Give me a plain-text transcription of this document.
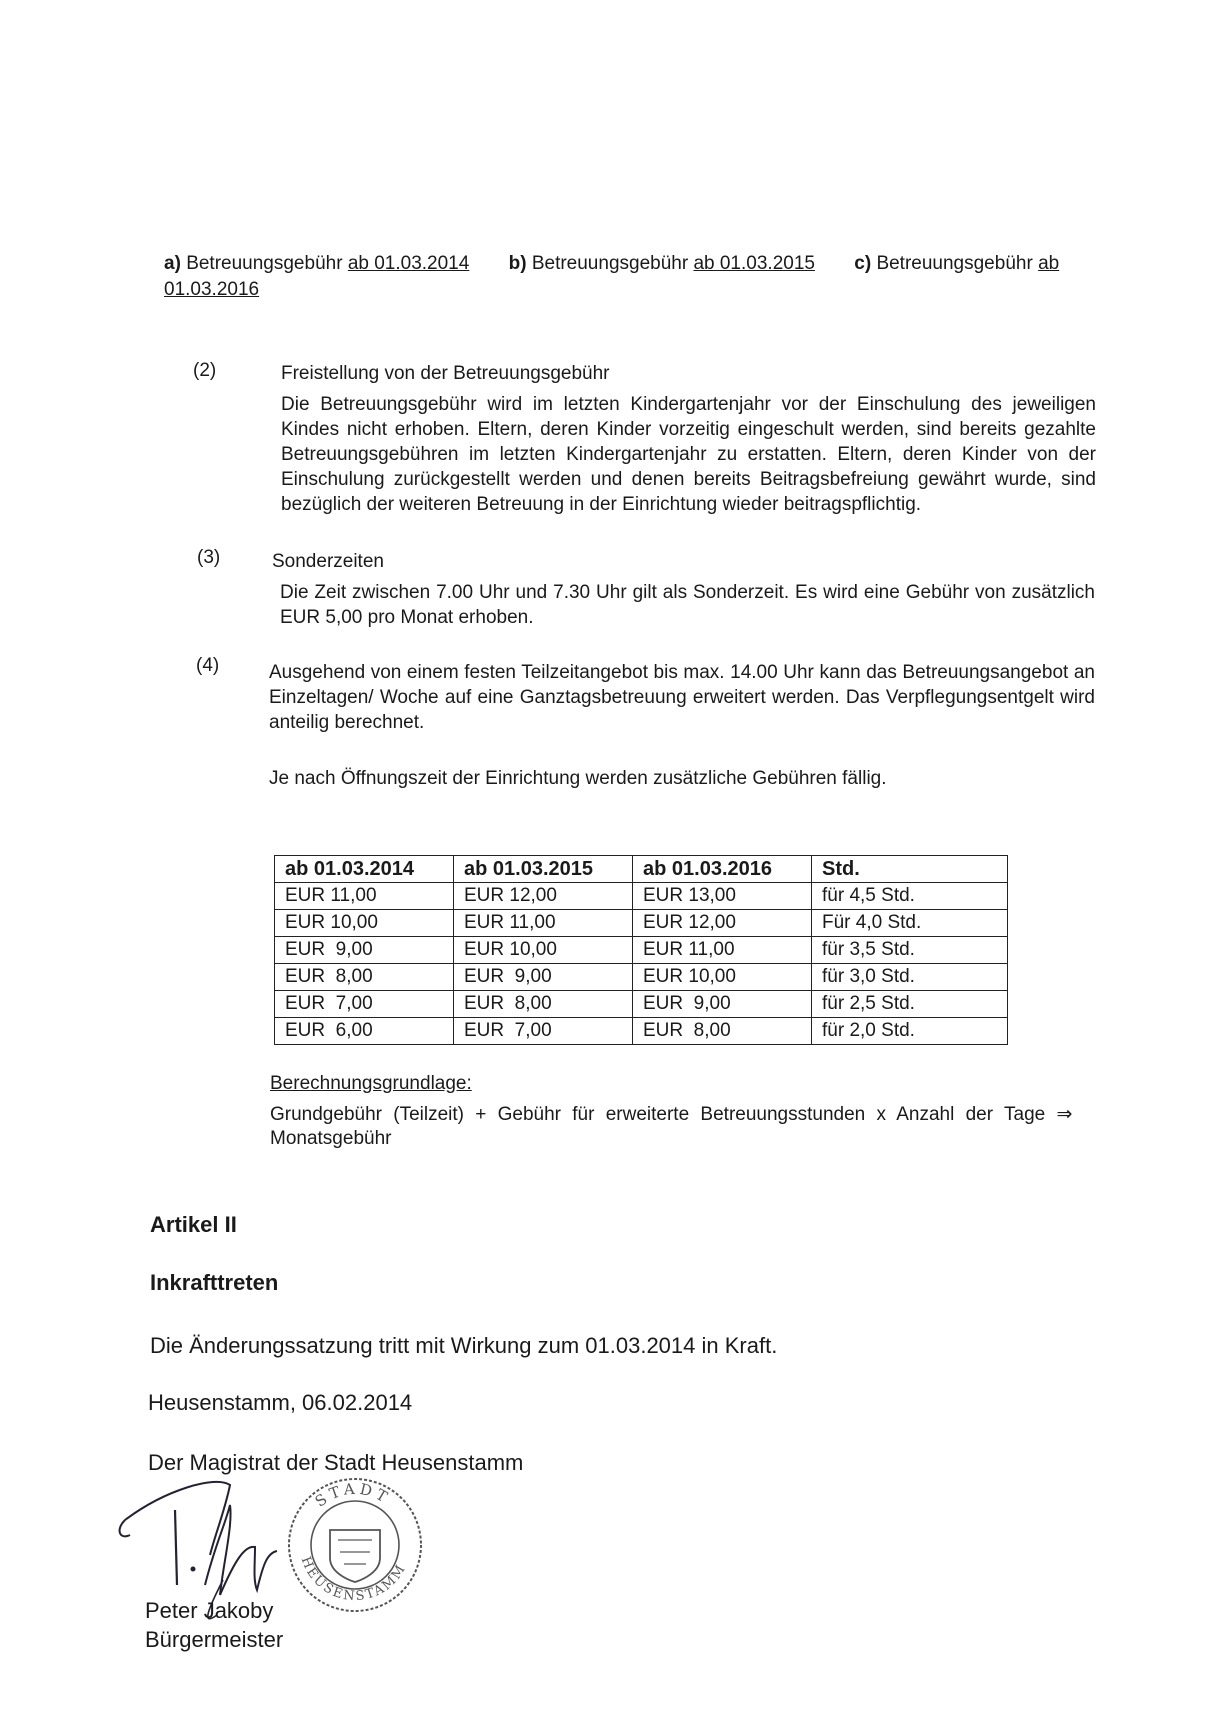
a) Betreuungsgebühr ab 01.03.2014 b) Betreuungsgebühr ab 01.03.2015 c) Betreuungsgebühr ab
01.03.2016
(2)	Freistellung von der Betreuungsgebühr
Die Betreuungsgebühr wird im letzten Kindergartenjahr vor der Einschulung des jeweiligen Kindes nicht erhoben. Eltern, deren Kinder vorzeitig eingeschult werden, sind bereits gezahlte Betreuungsgebühren im letzten Kindergartenjahr zu erstatten. Eltern, deren Kinder von der Einschulung zurückgestellt werden und denen bereits Beitragsbefreiung gewährt wurde, sind bezüglich der weiteren Betreuung in der Einrichtung wieder beitragspflichtig.
(3)	Sonderzeiten
Die Zeit zwischen 7.00 Uhr und 7.30 Uhr gilt als Sonderzeit. Es wird eine Gebühr von zusätzlich EUR 5,00 pro Monat erhoben.
(4)	Ausgehend von einem festen Teilzeitangebot bis max. 14.00 Uhr kann das Betreuungsangebot an Einzeltagen/ Woche auf eine Ganztagsbetreuung erweitert werden. Das Verpflegungsentgelt wird anteilig berechnet.
Je nach Öffnungszeit der Einrichtung werden zusätzliche Gebühren fällig.
ab 01.03.2014	ab 01.03.2015	ab 01.03.2016	Std.
EUR 11,00	EUR 12,00	EUR 13,00	für 4,5 Std.
EUR 10,00	EUR 11,00	EUR 12,00	Für 4,0 Std.
EUR  9,00	EUR 10,00	EUR 11,00	für 3,5 Std.
EUR  8,00	EUR  9,00	EUR 10,00	für 3,0 Std.
EUR  7,00	EUR  8,00	EUR  9,00	für 2,5 Std.
EUR  6,00	EUR  7,00	EUR  8,00	für 2,0 Std.
Berechnungsgrundlage:
Grundgebühr (Teilzeit) + Gebühr für erweiterte Betreuungsstunden x Anzahl der Tage ⇒
Monatsgebühr
Artikel II
Inkrafttreten
Die Änderungssatzung tritt mit Wirkung zum 01.03.2014 in Kraft.
Heusenstamm, 06.02.2014
Der Magistrat der Stadt Heusenstamm
STADT
HEUSENSTAMM
Peter Jakoby
Bürgermeister
